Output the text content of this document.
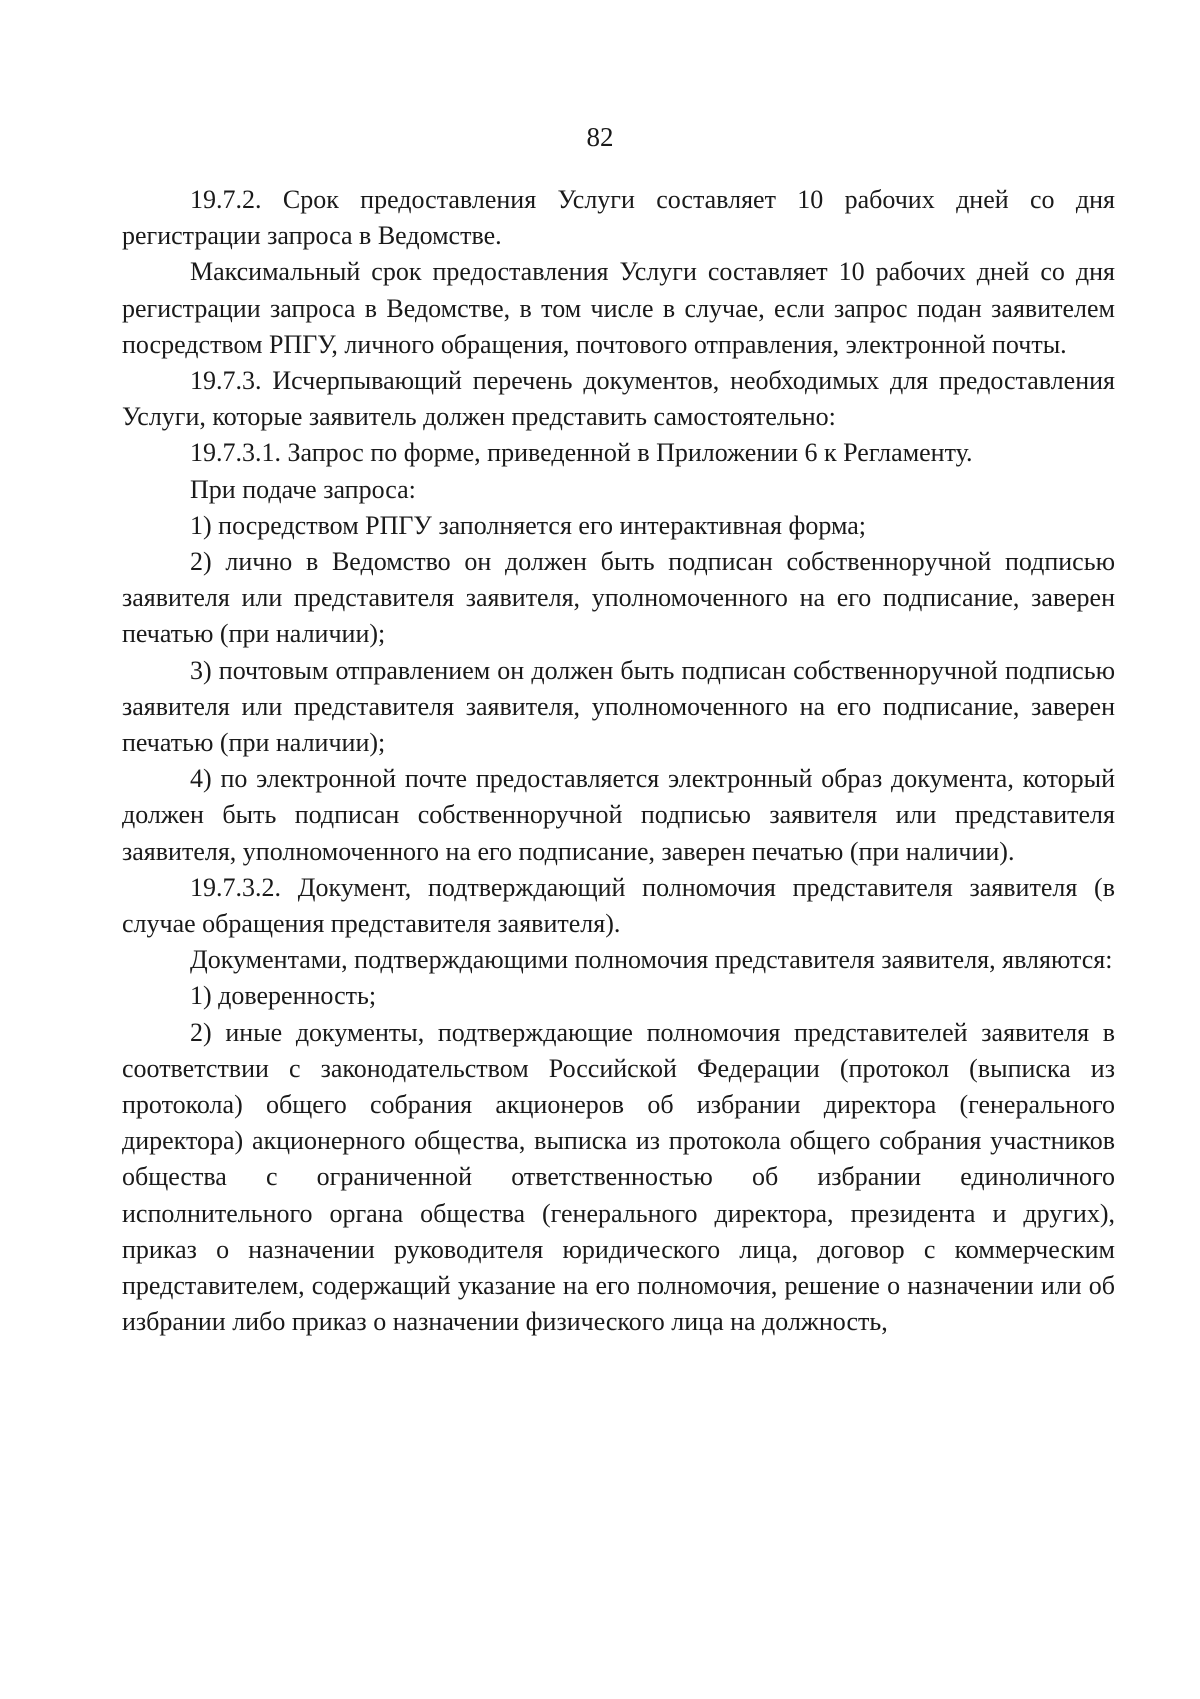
82

19.7.2. Срок предоставления Услуги составляет 10 рабочих дней со дня регистрации запроса в Ведомстве.

Максимальный срок предоставления Услуги составляет 10 рабочих дней со дня регистрации запроса в Ведомстве, в том числе в случае, если запрос подан заявителем посредством РПГУ, личного обращения, почтового отправления, электронной почты.

19.7.3. Исчерпывающий перечень документов, необходимых для предоставления Услуги, которые заявитель должен представить самостоятельно:

19.7.3.1. Запрос по форме, приведенной в Приложении 6 к Регламенту.

При подаче запроса:

1) посредством РПГУ заполняется его интерактивная форма;

2) лично в Ведомство он должен быть подписан собственноручной подписью заявителя или представителя заявителя, уполномоченного на его подписание, заверен печатью (при наличии);

3) почтовым отправлением он должен быть подписан собственноручной подписью заявителя или представителя заявителя, уполномоченного на его подписание, заверен печатью (при наличии);

4) по электронной почте предоставляется электронный образ документа, который должен быть подписан собственноручной подписью заявителя или представителя заявителя, уполномоченного на его подписание, заверен печатью (при наличии).

19.7.3.2. Документ, подтверждающий полномочия представителя заявителя (в случае обращения представителя заявителя).

Документами, подтверждающими полномочия представителя заявителя, являются:

1) доверенность;

2) иные документы, подтверждающие полномочия представителей заявителя в соответствии с законодательством Российской Федерации (протокол (выписка из протокола) общего собрания акционеров об избрании директора (генерального директора) акционерного общества, выписка из протокола общего собрания участников общества с ограниченной ответственностью об избрании единоличного исполнительного органа общества (генерального директора, президента и других), приказ о назначении руководителя юридического лица, договор с коммерческим представителем, содержащий указание на его полномочия, решение о назначении или об избрании либо приказ о назначении физического лица на должность,
